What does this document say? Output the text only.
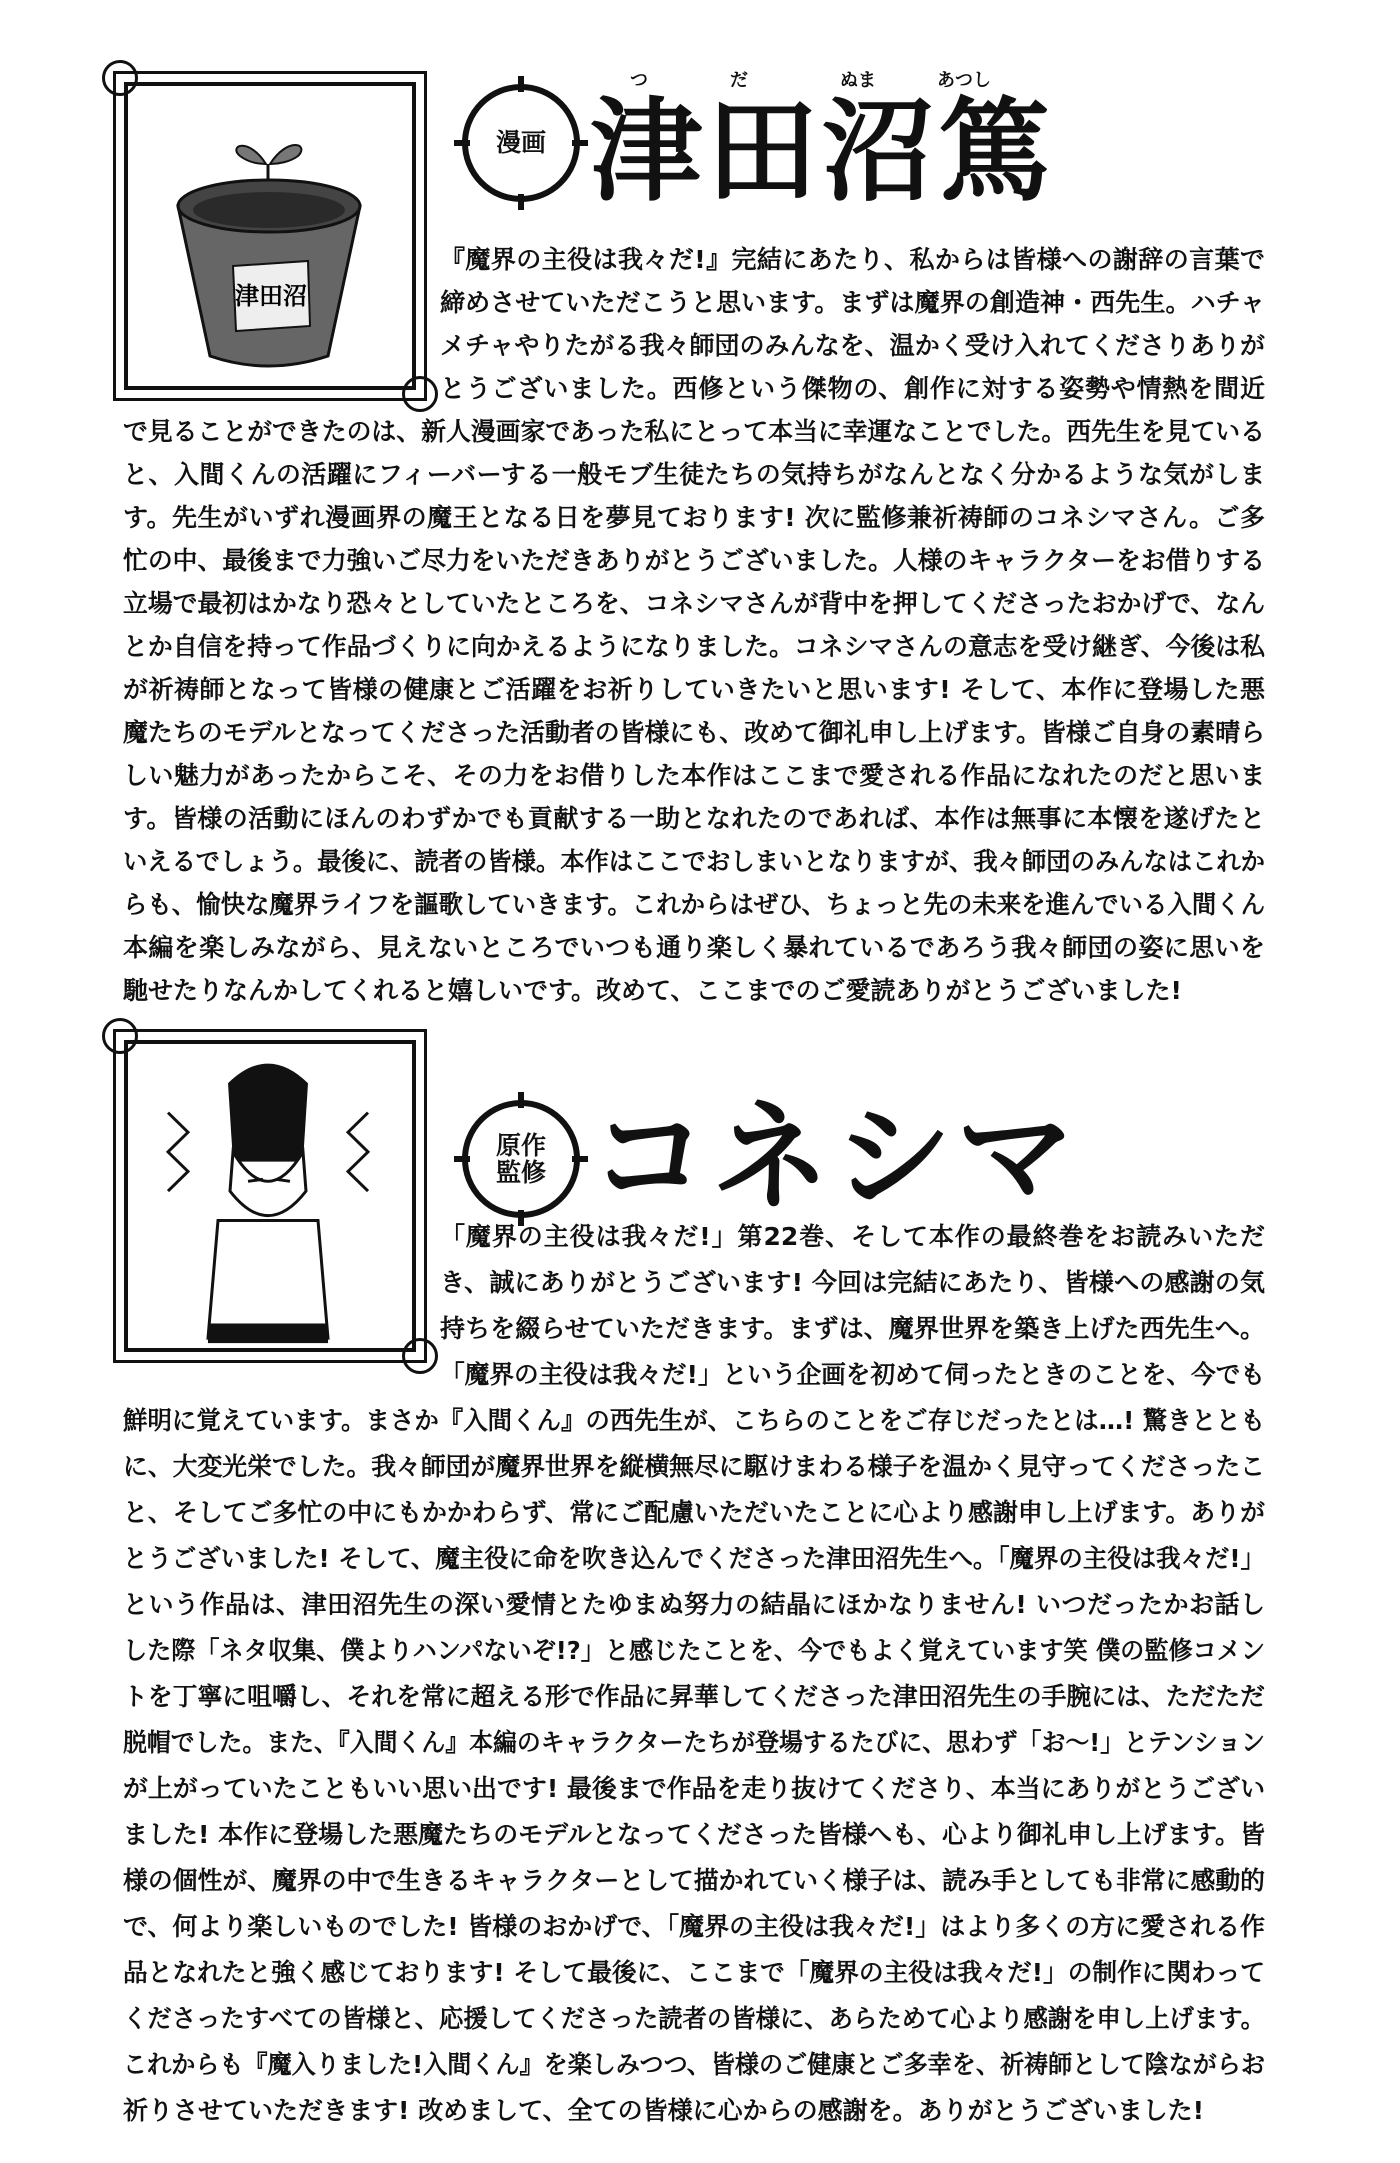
津田沼
漫画
つ	だ	ぬま	あつし
津田沼篤
『魔界の主役は我々だ!』完結にあたり、私からは皆様への謝辞の言葉で
締めさせていただこうと思います。まずは魔界の創造神・西先生。ハチャ
メチャやりたがる我々師団のみんなを、温かく受け入れてくださりありが
とうございました。西修という傑物の、創作に対する姿勢や情熱を間近
で見ることができたのは、新人漫画家であった私にとって本当に幸運なことでした。西先生を見ている
と、入間くんの活躍にフィーバーする一般モブ生徒たちの気持ちがなんとなく分かるような気がしま
す。先生がいずれ漫画界の魔王となる日を夢見ております! 次に監修兼祈祷師のコネシマさん。ご多
忙の中、最後まで力強いご尽力をいただきありがとうございました。人様のキャラクターをお借りする
立場で最初はかなり恐々としていたところを、コネシマさんが背中を押してくださったおかげで、なん
とか自信を持って作品づくりに向かえるようになりました。コネシマさんの意志を受け継ぎ、今後は私
が祈祷師となって皆様の健康とご活躍をお祈りしていきたいと思います! そして、本作に登場した悪
魔たちのモデルとなってくださった活動者の皆様にも、改めて御礼申し上げます。皆様ご自身の素晴ら
しい魅力があったからこそ、その力をお借りした本作はここまで愛される作品になれたのだと思いま
す。皆様の活動にほんのわずかでも貢献する一助となれたのであれば、本作は無事に本懐を遂げたと
いえるでしょう。最後に、読者の皆様。本作はここでおしまいとなりますが、我々師団のみんなはこれか
らも、愉快な魔界ライフを謳歌していきます。これからはぜひ、ちょっと先の未来を進んでいる入間くん
本編を楽しみながら、見えないところでいつも通り楽しく暴れているであろう我々師団の姿に思いを
馳せたりなんかしてくれると嬉しいです。改めて、ここまでのご愛読ありがとうございました!
原作
監修 コネシマ
「魔界の主役は我々だ!」第22巻、そして本作の最終巻をお読みいただ
き、誠にありがとうございます! 今回は完結にあたり、皆様への感謝の気
持ちを綴らせていただきます。まずは、魔界世界を築き上げた西先生へ。
「魔界の主役は我々だ!」という企画を初めて伺ったときのことを、今でも
鮮明に覚えています。まさか『入間くん』の西先生が、こちらのことをご存じだったとは…! 驚きととも
に、大変光栄でした。我々師団が魔界世界を縦横無尽に駆けまわる様子を温かく見守ってくださったこ
と、そしてご多忙の中にもかかわらず、常にご配慮いただいたことに心より感謝申し上げます。ありが
とうございました! そして、魔主役に命を吹き込んでくださった津田沼先生へ。「魔界の主役は我々だ!」
という作品は、津田沼先生の深い愛情とたゆまぬ努力の結晶にほかなりません! いつだったかお話し
した際「ネタ収集、僕よりハンパないぞ!?」と感じたことを、今でもよく覚えています笑 僕の監修コメン
トを丁寧に咀嚼し、それを常に超える形で作品に昇華してくださった津田沼先生の手腕には、ただただ
脱帽でした。また、『入間くん』本編のキャラクターたちが登場するたびに、思わず「お～!」とテンション
が上がっていたこともいい思い出です! 最後まで作品を走り抜けてくださり、本当にありがとうござい
ました! 本作に登場した悪魔たちのモデルとなってくださった皆様へも、心より御礼申し上げます。皆
様の個性が、魔界の中で生きるキャラクターとして描かれていく様子は、読み手としても非常に感動的
で、何より楽しいものでした! 皆様のおかげで、「魔界の主役は我々だ!」はより多くの方に愛される作
品となれたと強く感じております! そして最後に、ここまで「魔界の主役は我々だ!」の制作に関わって
くださったすべての皆様と、応援してくださった読者の皆様に、あらためて心より感謝を申し上げます。
これからも『魔入りました!入間くん』を楽しみつつ、皆様のご健康とご多幸を、祈祷師として陰ながらお
祈りさせていただきます! 改めまして、全ての皆様に心からの感謝を。ありがとうございました!
